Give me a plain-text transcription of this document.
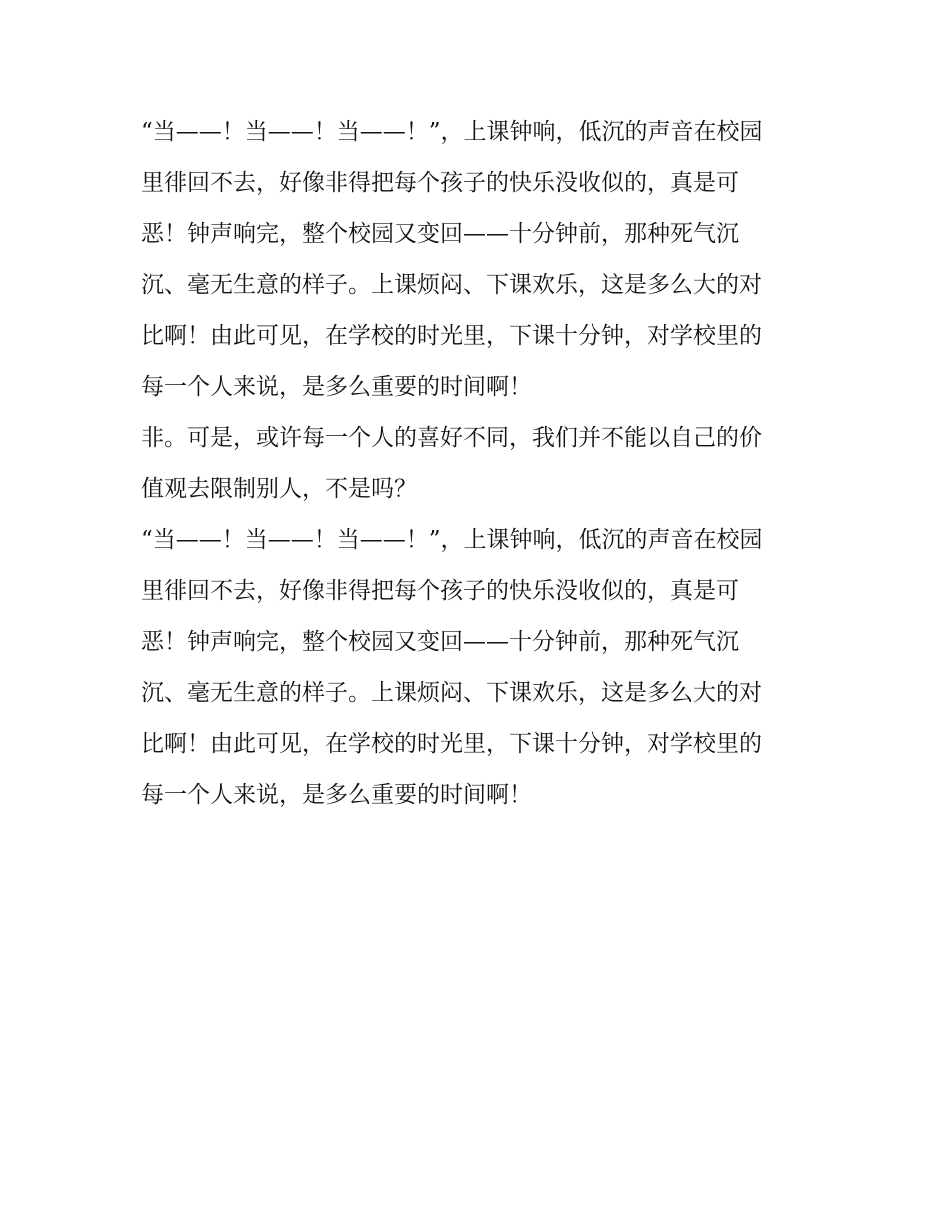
“当——！当——！当——！”，上课钟响，低沉的声音在校园
里徘回不去，好像非得把每个孩子的快乐没收似的，真是可
恶！钟声响完，整个校园又变回——十分钟前，那种死气沉
沉、毫无生意的样子。上课烦闷、下课欢乐，这是多么大的对
比啊！由此可见，在学校的时光里，下课十分钟，对学校里的
每一个人来说，是多么重要的时间啊！
非。可是，或许每一个人的喜好不同，我们并不能以自己的价
值观去限制别人，不是吗？
“当——！当——！当——！”，上课钟响，低沉的声音在校园
里徘回不去，好像非得把每个孩子的快乐没收似的，真是可
恶！钟声响完，整个校园又变回——十分钟前，那种死气沉
沉、毫无生意的样子。上课烦闷、下课欢乐，这是多么大的对
比啊！由此可见，在学校的时光里，下课十分钟，对学校里的
每一个人来说，是多么重要的时间啊！
